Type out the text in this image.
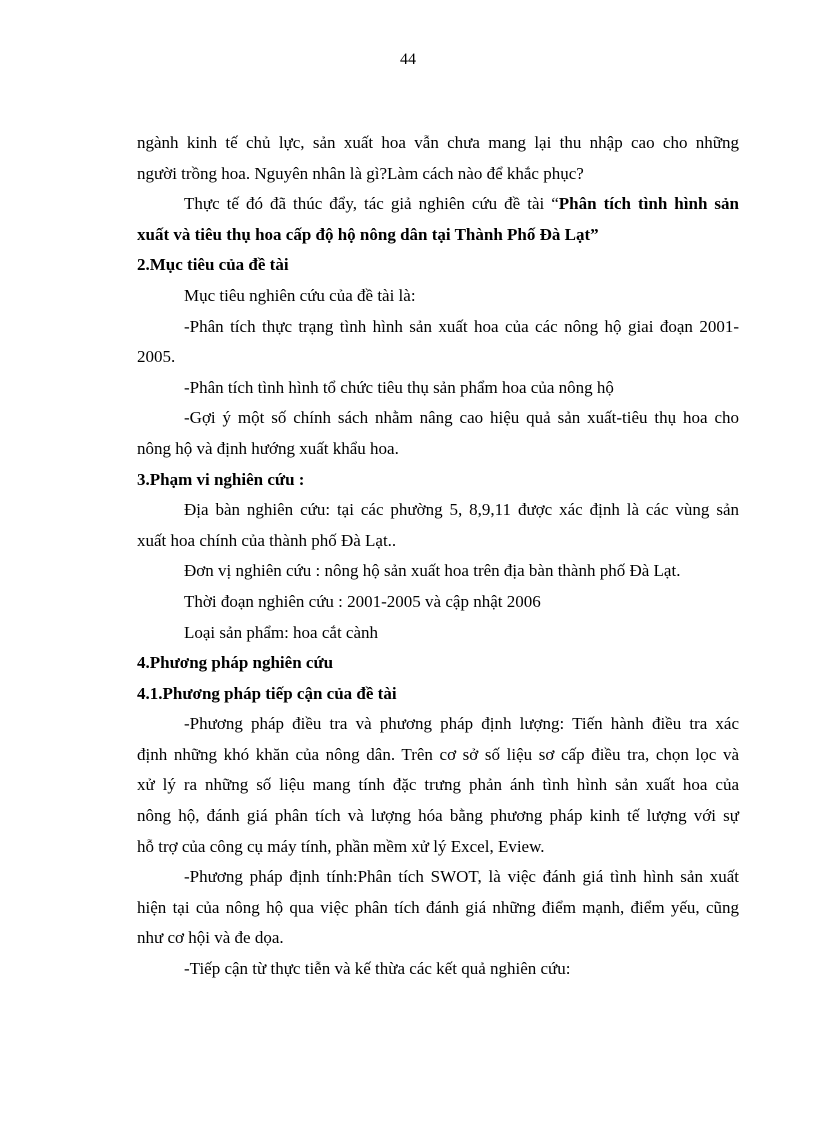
44
ngành kinh tế chủ lực, sản xuất hoa vẫn chưa mang lại thu nhập cao cho những
người trồng hoa. Nguyên nhân là gì?Làm cách nào để khắc phục?
Thực tế đó đã thúc đẩy, tác giả nghiên cứu đề tài “Phân tích tình hình sản
xuất và tiêu thụ hoa cấp độ hộ nông dân tại Thành Phố Đà Lạt”
2.Mục tiêu của đề tài
Mục tiêu nghiên cứu của đề tài là:
-Phân tích thực trạng tình hình sản xuất hoa của các nông hộ giai đoạn 2001-
2005.
-Phân tích tình hình tổ chức tiêu thụ sản phẩm hoa của nông hộ
-Gợi ý một số chính sách nhằm nâng cao hiệu quả sản xuất-tiêu thụ hoa cho
nông hộ và định hướng xuất khẩu hoa.
3.Phạm vi nghiên cứu :
Địa bàn nghiên cứu: tại các phường 5, 8,9,11 được xác định là các vùng sản
xuất hoa chính của thành phố Đà Lạt..
Đơn vị nghiên cứu : nông hộ sản xuất hoa trên địa bàn thành phố Đà Lạt.
Thời đoạn nghiên cứu : 2001-2005 và cập nhật 2006
Loại sản phẩm: hoa cắt cành
4.Phương pháp nghiên cứu
4.1.Phương pháp tiếp cận của đề tài
-Phương pháp điều tra và phương pháp định lượng: Tiến hành điều tra xác
định những khó khăn của nông dân. Trên cơ sở số liệu sơ cấp điều tra, chọn lọc và
xử lý ra những số liệu mang tính đặc trưng phản ánh tình hình sản xuất hoa của
nông hộ, đánh giá phân tích và lượng hóa bằng phương pháp kinh tế lượng với sự
hỗ trợ của công cụ máy tính, phần mềm xử lý Excel, Eview.
-Phương pháp định tính:Phân tích SWOT, là việc đánh giá tình hình sản xuất
hiện tại của nông hộ qua việc phân tích đánh giá những điểm mạnh, điểm yếu, cũng
như cơ hội và đe dọa.
-Tiếp cận từ thực tiễn và kế thừa các kết quả nghiên cứu:
